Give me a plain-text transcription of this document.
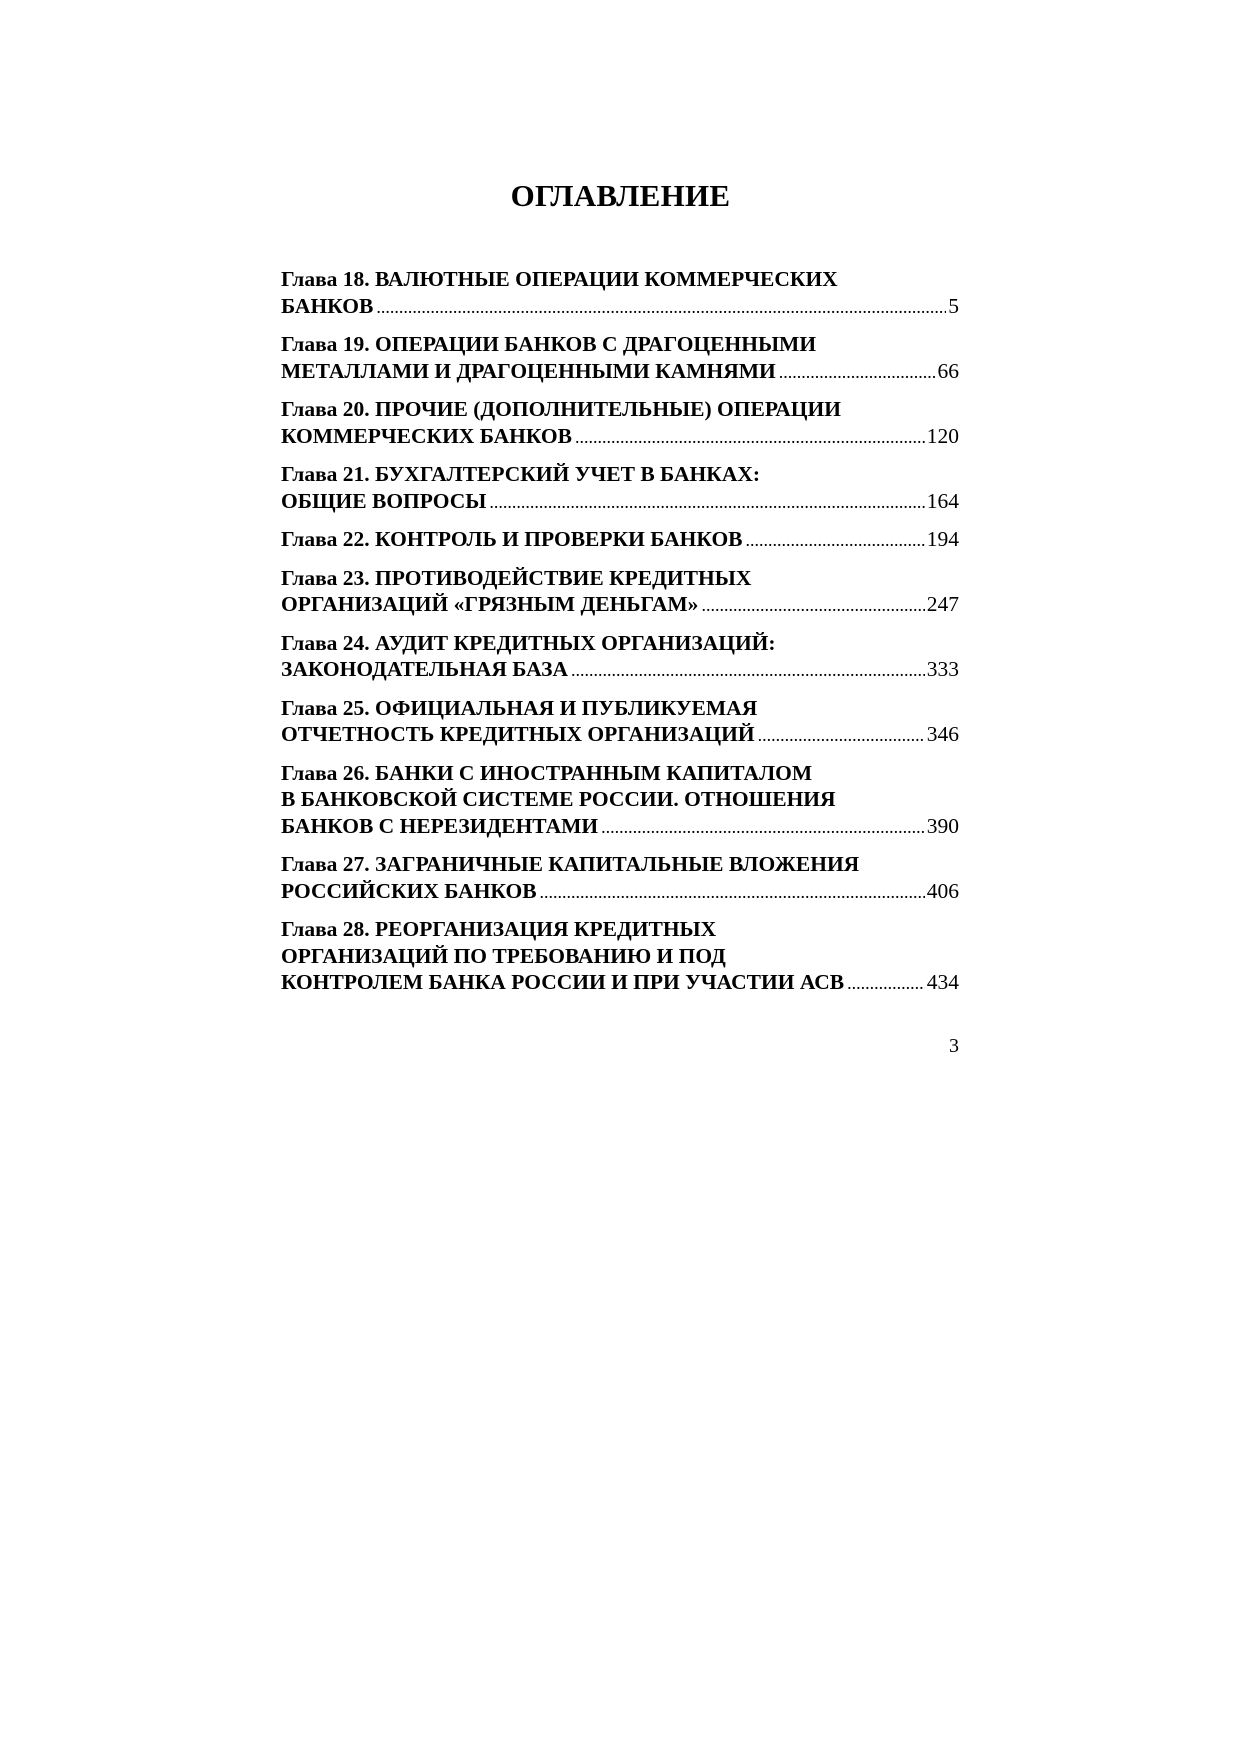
ОГЛАВЛЕНИЕ
Глава 18. ВАЛЮТНЫЕ ОПЕРАЦИИ КОММЕРЧЕСКИХ
БАНКОВ .....	5
Глава 19. ОПЕРАЦИИ БАНКОВ С ДРАГОЦЕННЫМИ
МЕТАЛЛАМИ И ДРАГОЦЕННЫМИ КАМНЯМИ .....	66
Глава 20. ПРОЧИЕ (ДОПОЛНИТЕЛЬНЫЕ) ОПЕРАЦИИ
КОММЕРЧЕСКИХ БАНКОВ .....	120
Глава 21. БУХГАЛТЕРСКИЙ УЧЕТ В БАНКАХ:
ОБЩИЕ ВОПРОСЫ .....	164
Глава 22. КОНТРОЛЬ И ПРОВЕРКИ БАНКОВ .....	194
Глава 23. ПРОТИВОДЕЙСТВИЕ КРЕДИТНЫХ
ОРГАНИЗАЦИЙ «ГРЯЗНЫМ ДЕНЬГАМ» .....	247
Глава 24. АУДИТ КРЕДИТНЫХ ОРГАНИЗАЦИЙ:
ЗАКОНОДАТЕЛЬНАЯ БАЗА .....	333
Глава 25. ОФИЦИАЛЬНАЯ И ПУБЛИКУЕМАЯ
ОТЧЕТНОСТЬ КРЕДИТНЫХ ОРГАНИЗАЦИЙ .....	346
Глава 26. БАНКИ С ИНОСТРАННЫМ КАПИТАЛОМ
В БАНКОВСКОЙ СИСТЕМЕ РОССИИ. ОТНОШЕНИЯ
БАНКОВ С НЕРЕЗИДЕНТАМИ .....	390
Глава 27. ЗАГРАНИЧНЫЕ КАПИТАЛЬНЫЕ ВЛОЖЕНИЯ
РОССИЙСКИХ БАНКОВ .....	406
Глава 28. РЕОРГАНИЗАЦИЯ КРЕДИТНЫХ
ОРГАНИЗАЦИЙ ПО ТРЕБОВАНИЮ И ПОД
КОНТРОЛЕМ БАНКА РОССИИ И ПРИ УЧАСТИИ АСВ .....	434
3
